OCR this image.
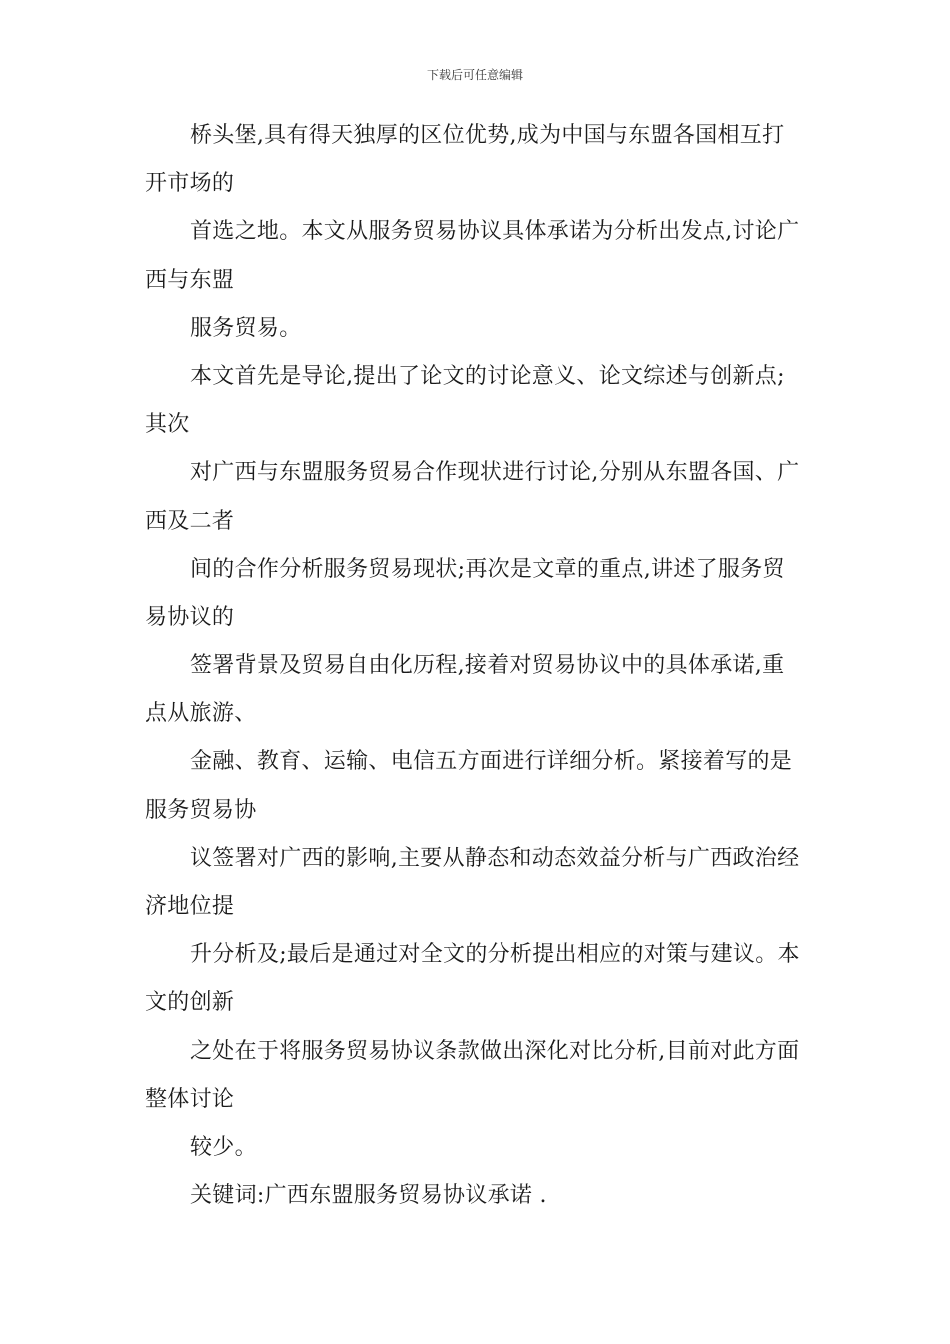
下载后可任意编辑
桥头堡,具有得天独厚的区位优势,成为中国与东盟各国相互打
开市场的
首选之地。本文从服务贸易协议具体承诺为分析出发点,讨论广
西与东盟
服务贸易。
本文首先是导论,提出了论文的讨论意义、论文综述与创新点;
其次
对广西与东盟服务贸易合作现状进行讨论,分别从东盟各国、广
西及二者
间的合作分析服务贸易现状;再次是文章的重点,讲述了服务贸
易协议的
签署背景及贸易自由化历程,接着对贸易协议中的具体承诺,重
点从旅游、
金融、教育、运输、电信五方面进行详细分析。紧接着写的是
服务贸易协
议签署对广西的影响,主要从静态和动态效益分析与广西政治经
济地位提
升分析及;最后是通过对全文的分析提出相应的对策与建议。本
文的创新
之处在于将服务贸易协议条款做出深化对比分析,目前对此方面
整体讨论
较少。
关键词:广西东盟服务贸易协议承诺 .
